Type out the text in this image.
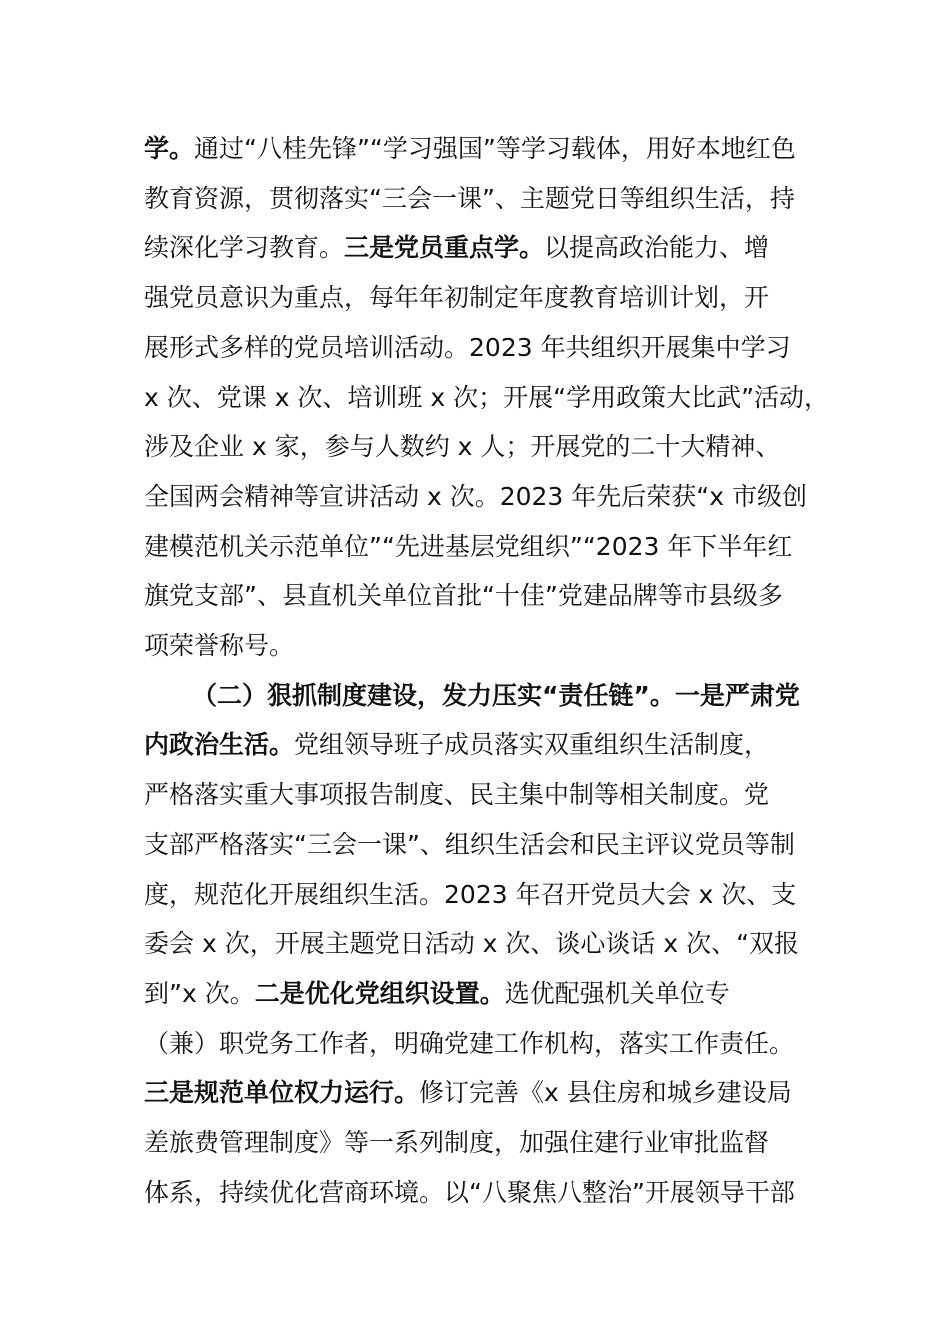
学。通过“八桂先锋”“学习强国”等学习载体，用好本地红色
教育资源，贯彻落实“三会一课”、主题党日等组织生活，持
续深化学习教育。三是党员重点学。以提高政治能力、增
强党员意识为重点，每年年初制定年度教育培训计划，开
展形式多样的党员培训活动。2023 年共组织开展集中学习
x 次、党课 x 次、培训班 x 次；开展“学用政策大比武”活动，
涉及企业 x 家，参与人数约 x 人；开展党的二十大精神、
全国两会精神等宣讲活动 x 次。2023 年先后荣获“x 市级创
建模范机关示范单位”“先进基层党组织”“2023 年下半年红
旗党支部”、县直机关单位首批“十佳”党建品牌等市县级多
项荣誉称号。
（二）狠抓制度建设，发力压实“责任链”。一是严肃党
内政治生活。党组领导班子成员落实双重组织生活制度，
严格落实重大事项报告制度、民主集中制等相关制度。党
支部严格落实“三会一课”、组织生活会和民主评议党员等制
度，规范化开展组织生活。2023 年召开党员大会 x 次、支
委会 x 次，开展主题党日活动 x 次、谈心谈话 x 次、“双报
到”x 次。二是优化党组织设置。选优配强机关单位专
（兼）职党务工作者，明确党建工作机构，落实工作责任。
三是规范单位权力运行。修订完善《x 县住房和城乡建设局
差旅费管理制度》等一系列制度，加强住建行业审批监督
体系，持续优化营商环境。以“八聚焦八整治”开展领导干部
